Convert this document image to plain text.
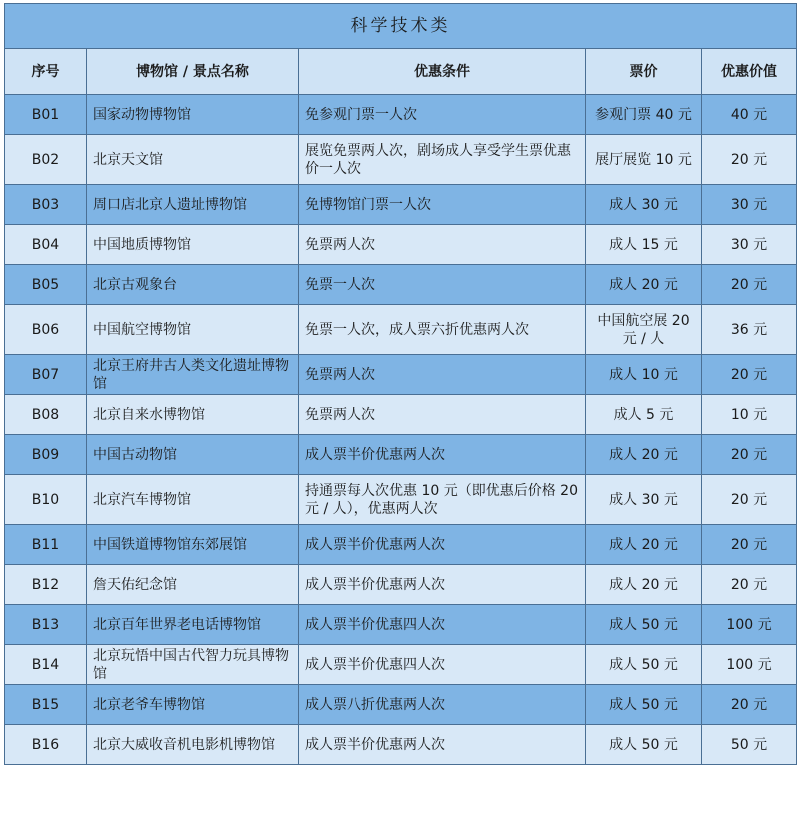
科学技术类				
序号	博物馆 / 景点名称	优惠条件	票价	优惠价值
B01	国家动物博物馆	免参观门票一人次	参观门票 40 元	40 元
B02	北京天文馆	展览免票两人次，剧场成人享受学生票优惠价一人次	展厅展览 10 元	20 元
B03	周口店北京人遗址博物馆	免博物馆门票一人次	成人 30 元	30 元
B04	中国地质博物馆	免票两人次	成人 15 元	30 元
B05	北京古观象台	免票一人次	成人 20 元	20 元
B06	中国航空博物馆	免票一人次，成人票六折优惠两人次	中国航空展 20 元 / 人	36 元
B07	北京王府井古人类文化遗址博物馆	免票两人次	成人 10 元	20 元
B08	北京自来水博物馆	免票两人次	成人 5 元	10 元
B09	中国古动物馆	成人票半价优惠两人次	成人 20 元	20 元
B10	北京汽车博物馆	持通票每人次优惠 10 元（即优惠后价格 20 元 / 人），优惠两人次	成人 30 元	20 元
B11	中国铁道博物馆东郊展馆	成人票半价优惠两人次	成人 20 元	20 元
B12	詹天佑纪念馆	成人票半价优惠两人次	成人 20 元	20 元
B13	北京百年世界老电话博物馆	成人票半价优惠四人次	成人 50 元	100 元
B14	北京玩悟中国古代智力玩具博物馆	成人票半价优惠四人次	成人 50 元	100 元
B15	北京老爷车博物馆	成人票八折优惠两人次	成人 50 元	20 元
B16	北京大威收音机电影机博物馆	成人票半价优惠两人次	成人 50 元	50 元
